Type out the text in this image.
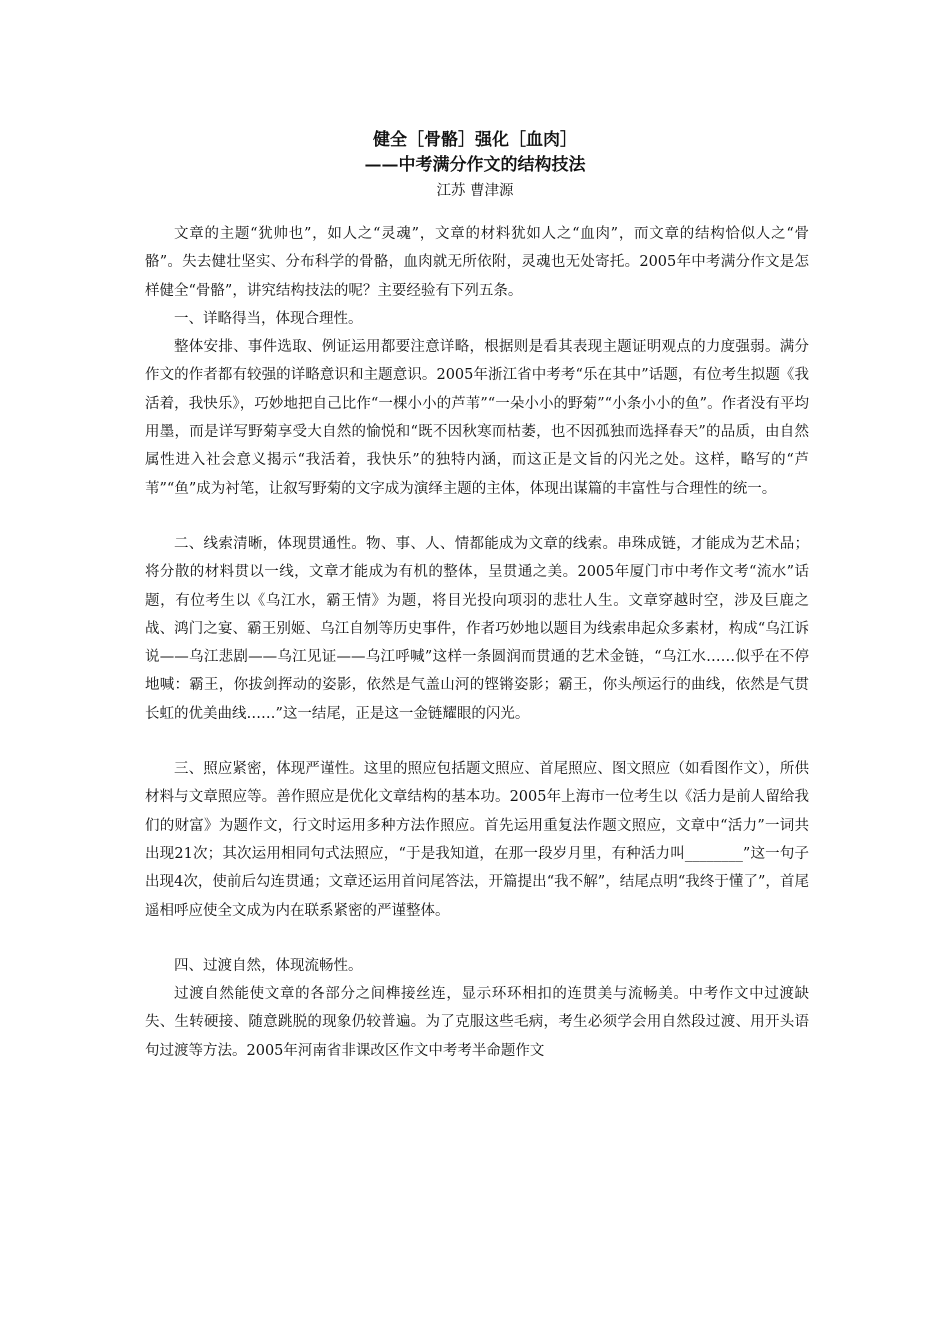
健全［骨骼］强化［血肉］
——中考满分作文的结构技法
江苏 曹津源

文章的主题“犹帅也”，如人之“灵魂”，文章的材料犹如人之“血肉”，而文章的结构恰似人之“骨骼”。失去健壮坚实、分布科学的骨骼，血肉就无所依附，灵魂也无处寄托。2005年中考满分作文是怎样健全“骨骼”，讲究结构技法的呢？主要经验有下列五条。

一、详略得当，体现合理性。

整体安排、事件选取、例证运用都要注意详略，根据则是看其表现主题证明观点的力度强弱。满分作文的作者都有较强的详略意识和主题意识。2005年浙江省中考考“乐在其中”话题，有位考生拟题《我活着，我快乐》，巧妙地把自己比作“一棵小小的芦苇”“一朵小小的野菊”“小条小小的鱼”。作者没有平均用墨，而是详写野菊享受大自然的愉悦和“既不因秋寒而枯萎，也不因孤独而选择春天”的品质，由自然属性进入社会意义揭示“我活着，我快乐”的独特内涵，而这正是文旨的闪光之处。这样，略写的“芦苇”“鱼”成为衬笔，让叙写野菊的文字成为演绎主题的主体，体现出谋篇的丰富性与合理性的统一。

二、线索清晰，体现贯通性。物、事、人、情都能成为文章的线索。串珠成链，才能成为艺术品；将分散的材料贯以一线，文章才能成为有机的整体，呈贯通之美。2005年厦门市中考作文考“流水”话题，有位考生以《乌江水，霸王情》为题，将目光投向项羽的悲壮人生。文章穿越时空，涉及巨鹿之战、鸿门之宴、霸王别姬、乌江自刎等历史事件，作者巧妙地以题目为线索串起众多素材，构成“乌江诉说——乌江悲剧——乌江见证——乌江呼喊”这样一条圆润而贯通的艺术金链，“乌江水……似乎在不停地喊：霸王，你拔剑挥动的姿影，依然是气盖山河的铿锵姿影；霸王，你头颅运行的曲线，依然是气贯长虹的优美曲线……”这一结尾，正是这一金链耀眼的闪光。

三、照应紧密，体现严谨性。这里的照应包括题文照应、首尾照应、图文照应（如看图作文），所供材料与文章照应等。善作照应是优化文章结构的基本功。2005年上海市一位考生以《活力是前人留给我们的财富》为题作文，行文时运用多种方法作照应。首先运用重复法作题文照应，文章中“活力”一词共出现21次；其次运用相同句式法照应，“于是我知道，在那一段岁月里，有种活力叫________”这一句子出现4次，使前后勾连贯通；文章还运用首问尾答法，开篇提出“我不解”，结尾点明“我终于懂了”，首尾遥相呼应使全文成为内在联系紧密的严谨整体。

四、过渡自然，体现流畅性。

过渡自然能使文章的各部分之间榫接丝连，显示环环相扣的连贯美与流畅美。中考作文中过渡缺失、生转硬接、随意跳脱的现象仍较普遍。为了克服这些毛病，考生必须学会用自然段过渡、用开头语句过渡等方法。2005年河南省非课改区作文中考考半命题作文
